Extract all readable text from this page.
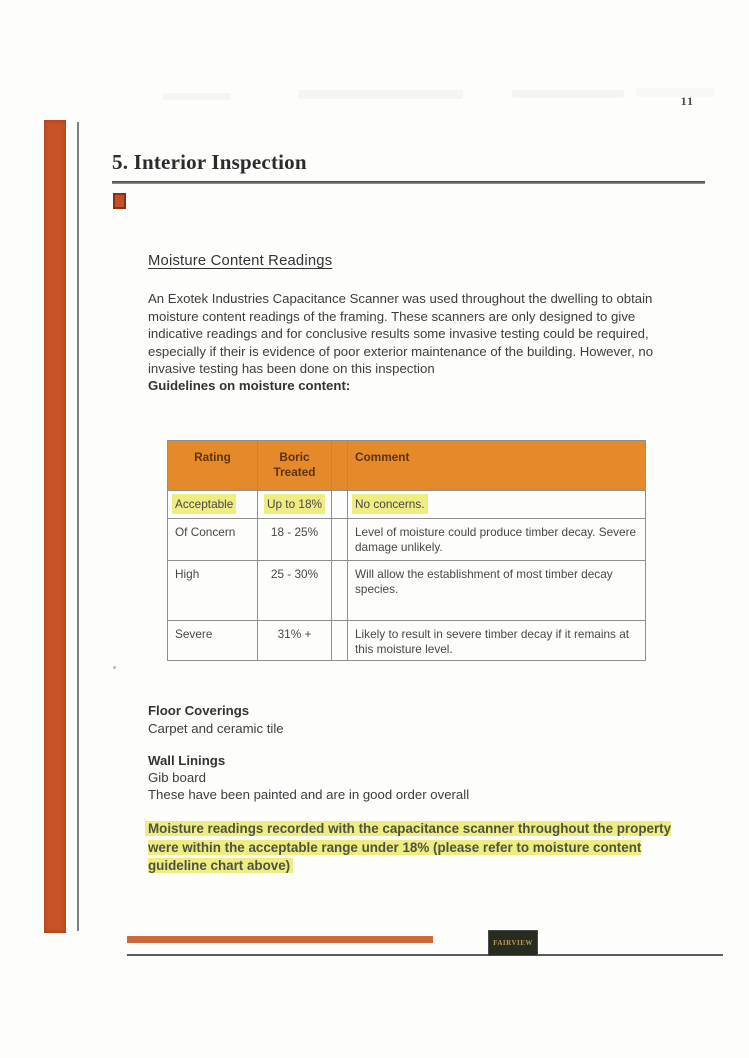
11
5. Interior Inspection
Moisture Content Readings

An Exotek Industries Capacitance Scanner was used throughout the dwelling to obtain moisture content readings of the framing. These scanners are only designed to give indicative readings and for conclusive results some invasive testing could be required, especially if their is evidence of poor exterior maintenance of the building. However, no invasive testing has been done on this inspection

Guidelines on moisture content:
Rating	Boric Treated		Comment
Acceptable	Up to 18%		No concerns.
Of Concern	18 - 25%		Level of moisture could produce timber decay. Severe damage unlikely.
High	25 - 30%		Will allow the establishment of most timber decay species.
Severe	31% +		Likely to result in severe timber decay if it remains at this moisture level.
Floor Coverings
Carpet and ceramic tile
Wall Linings
Gib board
These have been painted and are in good order overall
Moisture readings recorded with the capacitance scanner throughout the property were within the acceptable range under 18% (please refer to moisture content guideline chart above)
FAIRVIEW
